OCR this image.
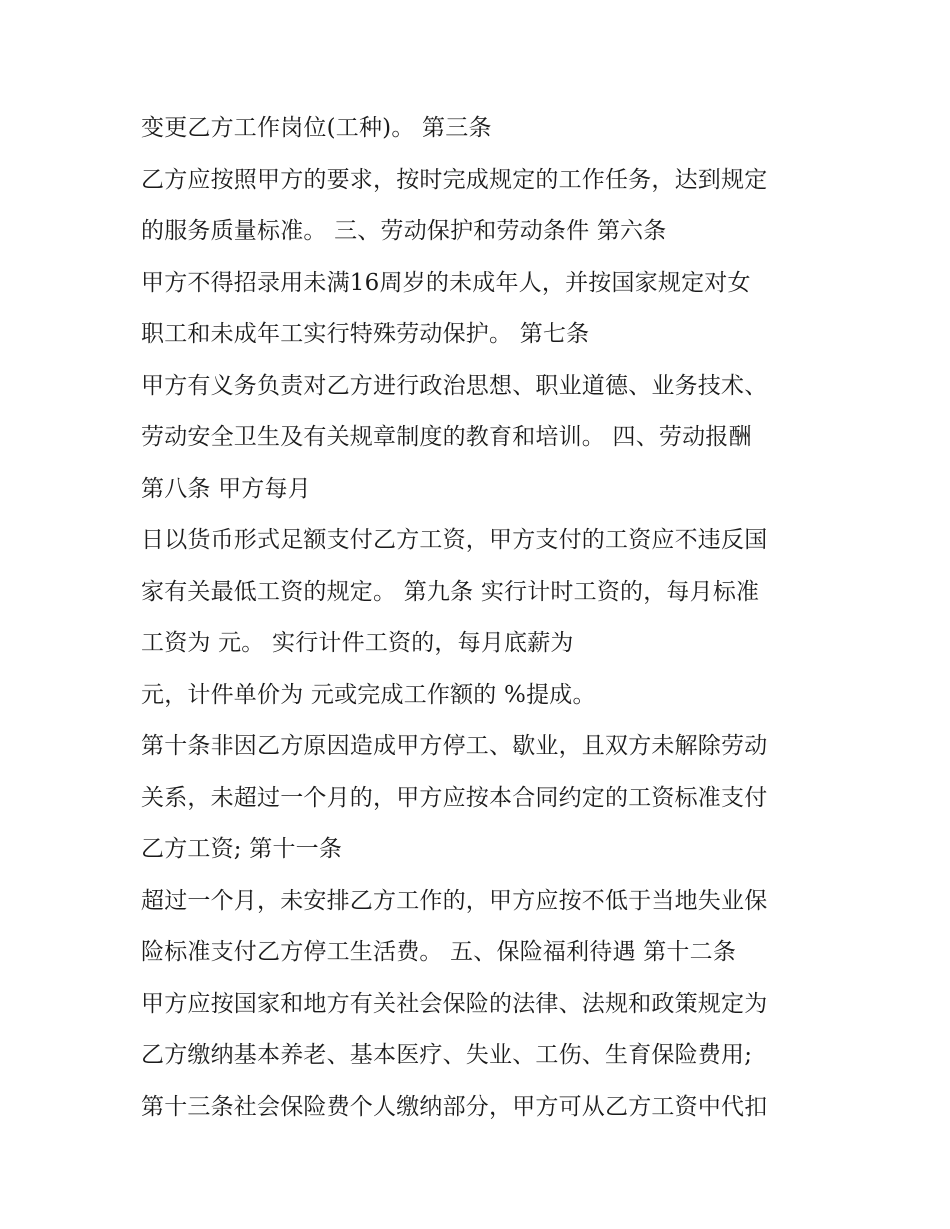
变更乙方工作岗位(工种)。 第三条
乙方应按照甲方的要求，按时完成规定的工作任务，达到规定
的服务质量标准。 三、劳动保护和劳动条件 第六条
甲方不得招录用未满16周岁的未成年人，并按国家规定对女
职工和未成年工实行特殊劳动保护。 第七条
甲方有义务负责对乙方进行政治思想、职业道德、业务技术、
劳动安全卫生及有关规章制度的教育和培训。 四、劳动报酬
第八条 甲方每月
日以货币形式足额支付乙方工资，甲方支付的工资应不违反国
家有关最低工资的规定。 第九条 实行计时工资的，每月标准
工资为 元。 实行计件工资的，每月底薪为
元，计件单价为 元或完成工作额的 %提成。
第十条非因乙方原因造成甲方停工、歇业，且双方未解除劳动
关系，未超过一个月的，甲方应按本合同约定的工资标准支付
乙方工资; 第十一条
超过一个月，未安排乙方工作的，甲方应按不低于当地失业保
险标准支付乙方停工生活费。 五、保险福利待遇 第十二条
甲方应按国家和地方有关社会保险的法律、法规和政策规定为
乙方缴纳基本养老、基本医疗、失业、工伤、生育保险费用;
第十三条社会保险费个人缴纳部分，甲方可从乙方工资中代扣
